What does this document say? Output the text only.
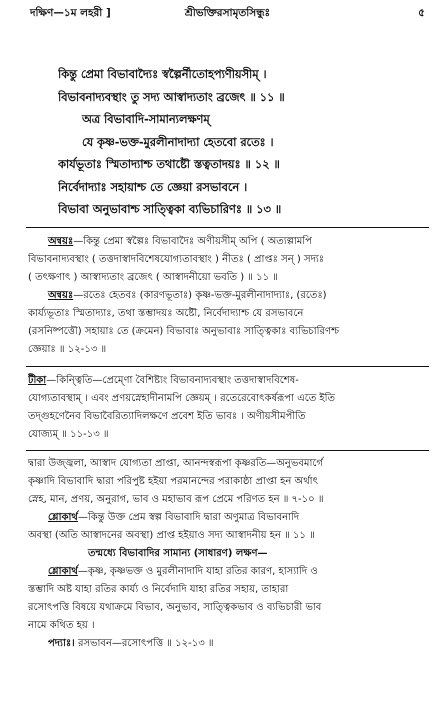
দক্ষিণ—১ম লহরী ]	শ্রীভক্তিরসামৃতসিন্ধুঃ	৫
কিন্তু প্রেমা বিভাবাদ্যৈঃ স্বল্পৈর্নীতোহপ্যণীয়সীম্ ।
বিভাবনাদ্যবস্থাং তু সদ্য আস্বাদ্যতাং ব্রজেৎ ॥ ১১ ॥
অত্র বিভাবাদি-সামান্যলক্ষণম্
যে কৃষ্ণ-ভক্ত-মুরলীনাদাদ্যা হেতবো রতেঃ ।
কার্যভূতাঃ স্মিতাদ্যাশ্চ তথাষ্টৌ স্তত্বতাদয়ঃ ॥ ১২ ॥
নির্বেদাদ্যাঃ সহায়াশ্চ তে জ্ঞেয়া রসভাবনে ।
বিভাবা অনুভাবাশ্চ সাত্ত্বিকা ব্যভিচারিণঃ ॥ ১৩ ॥
অন্বয়ঃ—কিন্তু প্রেমা স্বল্পৈঃ বিভাবাদৈঃ অণীয়সীম্ অপি ( অত্যল্পামপি
বিভাবনাদ্যবস্থাং ( তত্তদাস্বাদবিশেষযোগ্যতাবস্থাং ) নীতঃ ( প্রাপ্তঃ সন্ ) সদ্যঃ
( তৎক্ষণাৎ ) আস্বাদ্যতাং ব্রজেৎ ( আস্বাদনীয়ো ভবতি ) ॥ ১১ ॥
অন্বয়ঃ—রতেঃ হেতবঃ (কারণভূতাঃ) কৃষ্ণ-ভক্ত-মুরলীনাদাদ্যাঃ, (রতেঃ)
কার্য্যভূতাঃ স্মিতাদ্যাঃ, তথা স্তম্ভাদয়ঃ অষ্টৌ, নির্বেদাদ্যাশ্চ যে রসভাবনে
(রসনিষ্পত্তৌ) সহায়াঃ তে (ক্রমেন) বিভাবাঃ অনুভাবাঃ সাত্ত্বিকাঃ ব্যভিচারিণশ্চ
জ্ঞেয়াঃ ॥ ১২-১৩ ॥
টীকা—কিন্ত্বিতি—প্রেম্ণো বৈশিষ্ট্যং বিভাবনাদ্যবস্থাং তত্তদাস্বাদবিশেষ-
যোগ্যতাবস্থাম্ । এবং প্রণয়স্নেহাদীনামপি জ্ঞেয়ম্ । রতেরেবোৎকর্ষরূপা এতে ইতি
তদ্গুহণেনৈব বিভাবৈরিত্যাদিলক্ষণে প্রবেশ ইতি ভাবঃ । অণীয়সীমপীতি
যোজ্যম্ ॥ ১১-১৩ ॥
দ্বারা উজ্জ্বলা, আস্বাদ যোগ্যতা প্রাপ্তা, আনন্দস্বরূপা কৃষ্ণরতি—অনুভবমার্গে
কৃষ্ণাদি বিভাবাদি দ্বারা পরিপুষ্ট হইয়া পরমানন্দের পরাকাষ্ঠা প্রাপ্তা হন অর্থাৎ
স্নেহ, মান, প্রণয়, অনুরাগ, ভাব ও মহাভাব রূপ প্রেমে পরিণত হন ॥ ৭-১০ ॥
শ্লোকার্থ—কিন্তু উক্ত প্রেম স্বল্প বিভাবাদি দ্বারা অণুমাত্র বিভাবনাদি
অবস্থা (অতি আস্বাদনের অবস্থা) প্রাপ্ত হইয়াও সদ্য আস্বাদনীয় হন ॥ ১১ ॥
তন্মধ্যে বিভাবাদির সামান্য (সাধারণ) লক্ষণ—
শ্লোকার্থ—কৃষ্ণ, কৃষ্ণভক্ত ও মুরলীনাদাদি যাহা রতির কারণ, হাস্যাদি ও
স্তম্ভাদি অষ্ট যাহা রতির কার্য্য ও নির্বেদাদি যাহা রতির সহায়, তাহারা
রসোৎপত্তি বিষয়ে যথাক্রমে বিভাব, অনুভাব, সাত্ত্বিকভাব ও ব্যভিচারী ভাব
নামে কথিত হয় ।
পদ্যাঃ। রসভাবন—রসোৎপত্তি ॥ ১২-১৩ ॥
